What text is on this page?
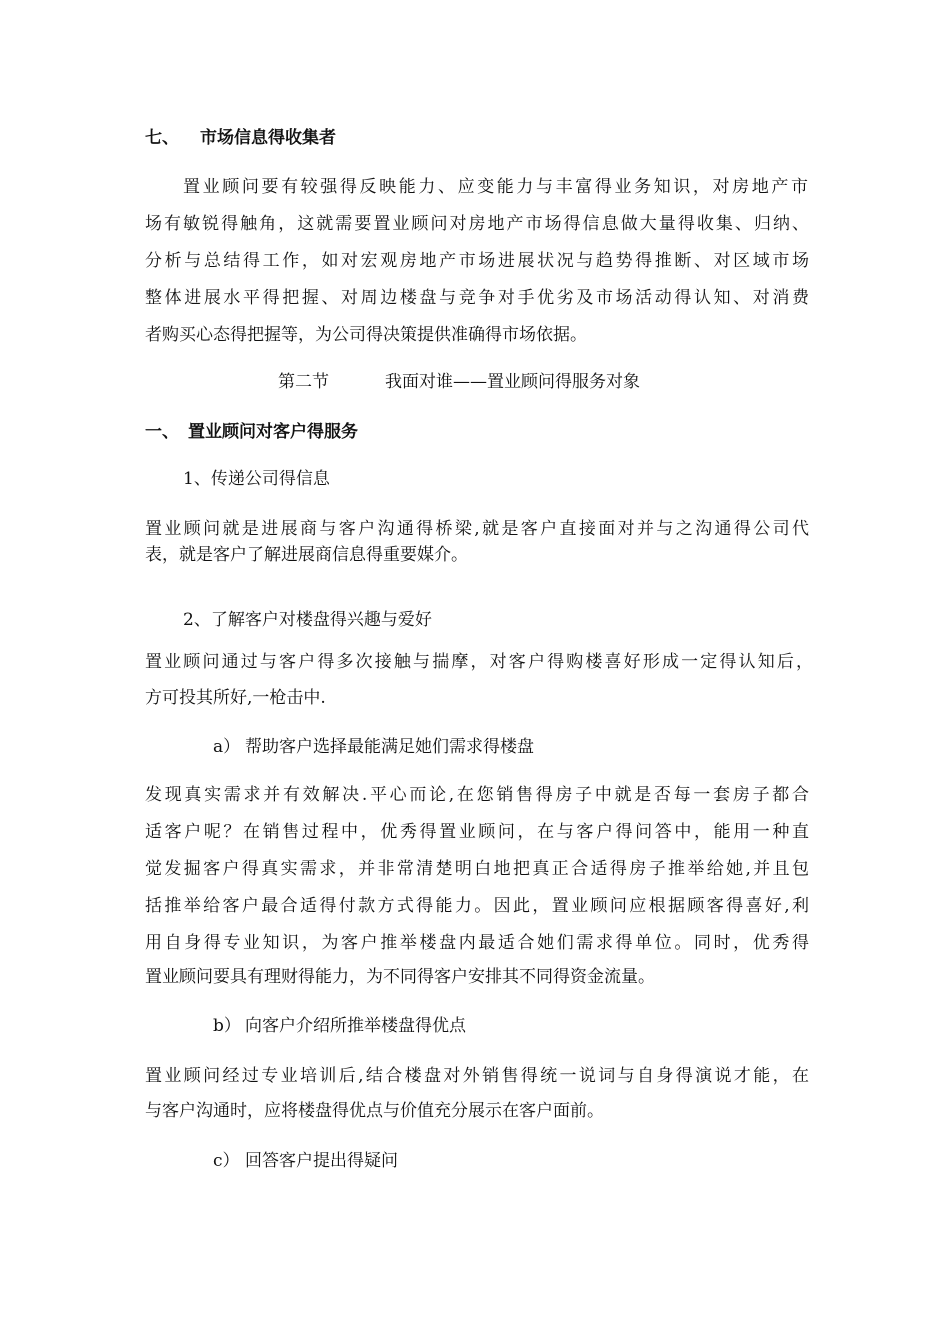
七、 市场信息得收集者
置业顾问要有较强得反映能力、应变能力与丰富得业务知识，对房地产市
场有敏锐得触角，这就需要置业顾问对房地产市场得信息做大量得收集、归纳、
分析与总结得工作，如对宏观房地产市场进展状况与趋势得推断、对区域市场
整体进展水平得把握、对周边楼盘与竞争对手优劣及市场活动得认知、对消费
者购买心态得把握等，为公司得决策提供准确得市场依据。
第二节	我面对谁——置业顾问得服务对象
一、 置业顾问对客户得服务
1、传递公司得信息
置业顾问就是进展商与客户沟通得桥梁,就是客户直接面对并与之沟通得公司代
表，就是客户了解进展商信息得重要媒介。
2、了解客户对楼盘得兴趣与爱好
置业顾问通过与客户得多次接触与揣摩，对客户得购楼喜好形成一定得认知后，
方可投其所好,一枪击中.
a） 帮助客户选择最能满足她们需求得楼盘
发现真实需求并有效解决.平心而论,在您销售得房子中就是否每一套房子都合
适客户呢？在销售过程中，优秀得置业顾问，在与客户得问答中，能用一种直
觉发掘客户得真实需求，并非常清楚明白地把真正合适得房子推举给她,并且包
括推举给客户最合适得付款方式得能力。因此，置业顾问应根据顾客得喜好,利
用自身得专业知识，为客户推举楼盘内最适合她们需求得单位。同时，优秀得
置业顾问要具有理财得能力，为不同得客户安排其不同得资金流量。
b） 向客户介绍所推举楼盘得优点
置业顾问经过专业培训后,结合楼盘对外销售得统一说词与自身得演说才能，在
与客户沟通时，应将楼盘得优点与价值充分展示在客户面前。
c） 回答客户提出得疑问
